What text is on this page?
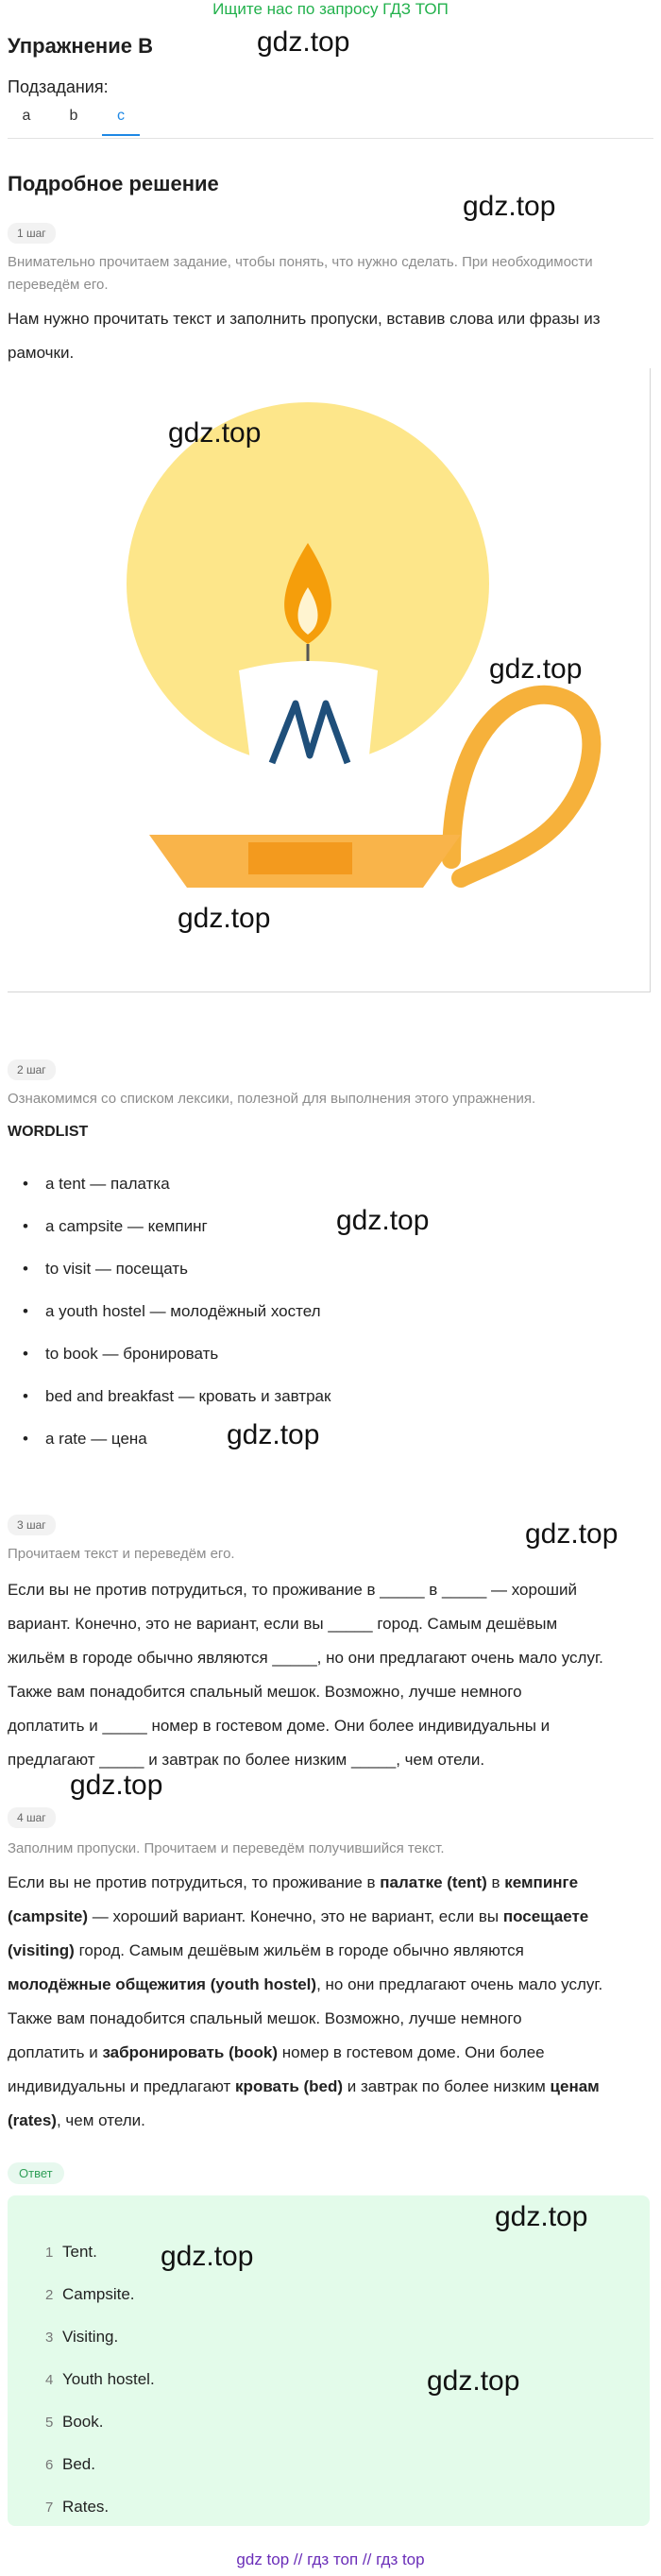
Ищите нас по запросу ГДЗ ТОП
Упражнение B	gdz.top
Подзадания:
a	b	c
Подробное решение
gdz.top
1 шаг
Внимательно прочитаем задание, чтобы понять, что нужно сделать. При необходимости переведём его.
Нам нужно прочитать текст и заполнить пропуски, вставив слова или фразы из рамочки.
gdz.top
gdz.top
gdz.top
2 шаг
Ознакомимся со списком лексики, полезной для выполнения этого упражнения.
WORDLIST
• a tent — палатка
• a campsite — кемпинг
• to visit — посещать
• a youth hostel — молодёжный хостел
• to book — бронировать
• bed and breakfast — кровать и завтрак
• a rate — цена
gdz.top
gdz.top
3 шаг	gdz.top
Прочитаем текст и переведём его.
Если вы не против потрудиться, то проживание в _____ в _____ — хороший
вариант. Конечно, это не вариант, если вы _____ город. Самым дешёвым
жильём в городе обычно являются _____, но они предлагают очень мало услуг.
Также вам понадобится спальный мешок. Возможно, лучше немного
доплатить и _____ номер в гостевом доме. Они более индивидуальны и
предлагают _____ и завтрак по более низким _____, чем отели.
gdz.top
4 шаг
Заполним пропуски. Прочитаем и переведём получившийся текст.
Если вы не против потрудиться, то проживание в палатке (tent) в кемпинге
(campsite) — хороший вариант. Конечно, это не вариант, если вы посещаете
(visiting) город. Самым дешёвым жильём в городе обычно являются
молодёжные общежития (youth hostel), но они предлагают очень мало услуг.
Также вам понадобится спальный мешок. Возможно, лучше немного
доплатить и забронировать (book) номер в гостевом доме. Они более
индивидуальны и предлагают кровать (bed) и завтрак по более низким ценам
(rates), чем отели.
Ответ
gdz.top
gdz.top
gdz.top
1 Tent.
2 Campsite.
3 Visiting.
4 Youth hostel.
5 Book.
6 Bed.
7 Rates.
gdz top // гдз топ // гдз top
